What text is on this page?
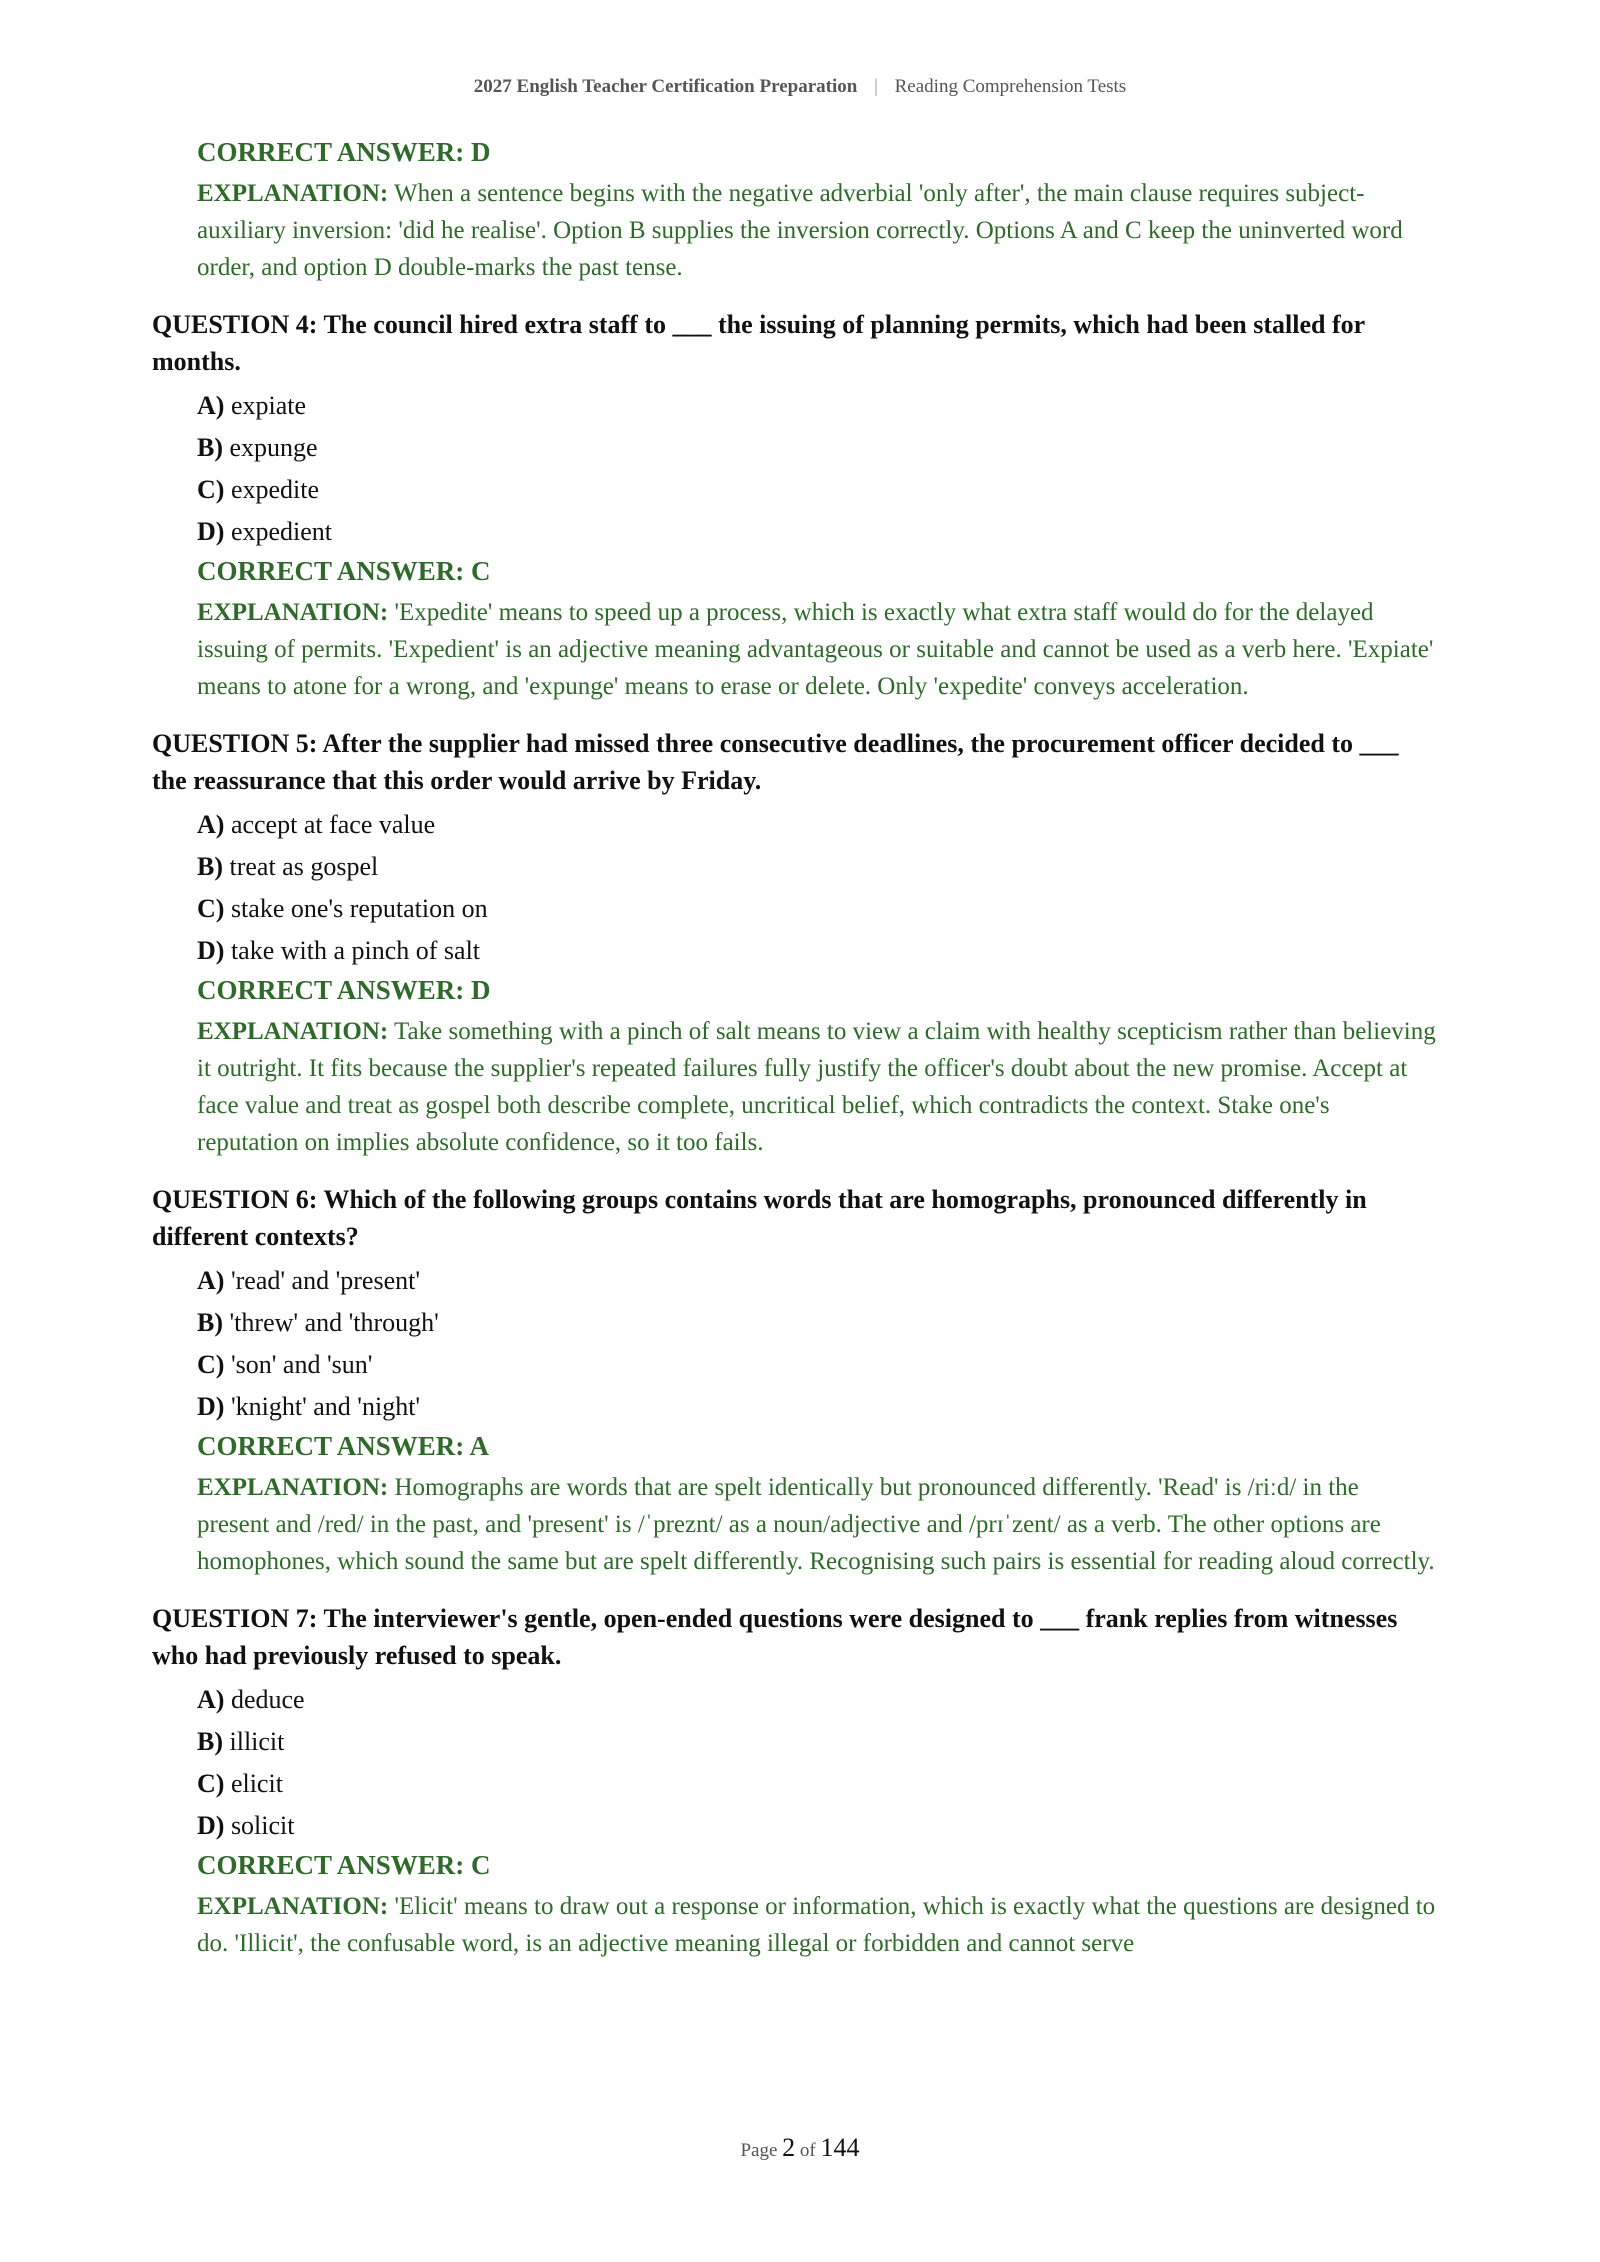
2027 English Teacher Certification Preparation | Reading Comprehension Tests
CORRECT ANSWER: D
EXPLANATION: When a sentence begins with the negative adverbial 'only after', the main clause requires subject-auxiliary inversion: 'did he realise'. Option B supplies the inversion correctly. Options A and C keep the uninverted word order, and option D double-marks the past tense.
QUESTION 4: The council hired extra staff to ___ the issuing of planning permits, which had been stalled for months.
A) expiate
B) expunge
C) expedite
D) expedient
CORRECT ANSWER: C
EXPLANATION: 'Expedite' means to speed up a process, which is exactly what extra staff would do for the delayed issuing of permits. 'Expedient' is an adjective meaning advantageous or suitable and cannot be used as a verb here. 'Expiate' means to atone for a wrong, and 'expunge' means to erase or delete. Only 'expedite' conveys acceleration.
QUESTION 5: After the supplier had missed three consecutive deadlines, the procurement officer decided to ___ the reassurance that this order would arrive by Friday.
A) accept at face value
B) treat as gospel
C) stake one's reputation on
D) take with a pinch of salt
CORRECT ANSWER: D
EXPLANATION: Take something with a pinch of salt means to view a claim with healthy scepticism rather than believing it outright. It fits because the supplier's repeated failures fully justify the officer's doubt about the new promise. Accept at face value and treat as gospel both describe complete, uncritical belief, which contradicts the context. Stake one's reputation on implies absolute confidence, so it too fails.
QUESTION 6: Which of the following groups contains words that are homographs, pronounced differently in different contexts?
A) 'read' and 'present'
B) 'threw' and 'through'
C) 'son' and 'sun'
D) 'knight' and 'night'
CORRECT ANSWER: A
EXPLANATION: Homographs are words that are spelt identically but pronounced differently. 'Read' is /riːd/ in the present and /red/ in the past, and 'present' is /ˈpreznt/ as a noun/adjective and /prɪˈzent/ as a verb. The other options are homophones, which sound the same but are spelt differently. Recognising such pairs is essential for reading aloud correctly.
QUESTION 7: The interviewer's gentle, open-ended questions were designed to ___ frank replies from witnesses who had previously refused to speak.
A) deduce
B) illicit
C) elicit
D) solicit
CORRECT ANSWER: C
EXPLANATION: 'Elicit' means to draw out a response or information, which is exactly what the questions are designed to do. 'Illicit', the confusable word, is an adjective meaning illegal or forbidden and cannot serve
Page 2 of 144
